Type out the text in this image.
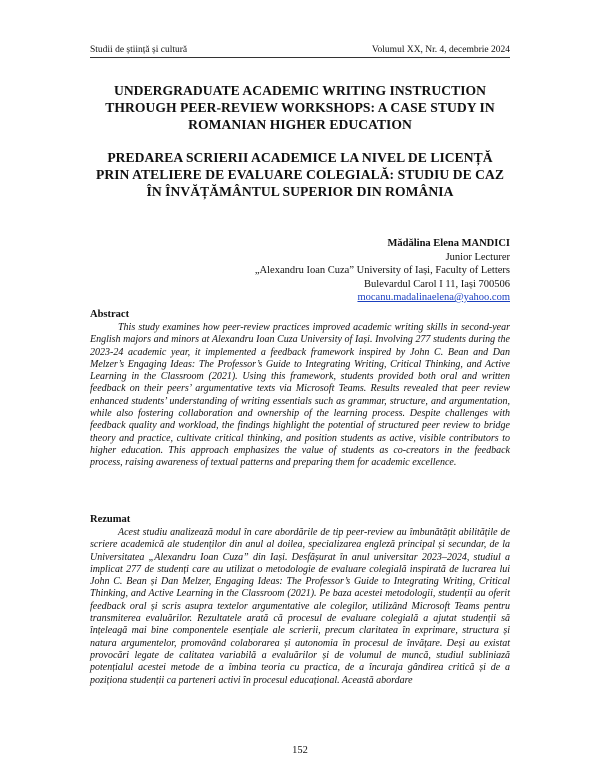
Studii de știință și cultură	Volumul XX, Nr. 4, decembrie 2024
UNDERGRADUATE ACADEMIC WRITING INSTRUCTION THROUGH PEER-REVIEW WORKSHOPS: A CASE STUDY IN ROMANIAN HIGHER EDUCATION
PREDAREA SCRIERII ACADEMICE LA NIVEL DE LICENȚĂ PRIN ATELIERE DE EVALUARE COLEGIALĂ: STUDIU DE CAZ ÎN ÎNVĂȚĂMÂNTUL SUPERIOR DIN ROMÂNIA
Mădălina Elena MANDICI
Junior Lecturer
„Alexandru Ioan Cuza” University of Iași, Faculty of Letters
Bulevardul Carol I 11, Iași 700506
mocanu.madalinaelena@yahoo.com

Abstract

This study examines how peer-review practices improved academic writing skills in second-year English majors and minors at Alexandru Ioan Cuza University of Iași. Involving 277 students during the 2023-24 academic year, it implemented a feedback framework inspired by John C. Bean and Dan Melzer’s Engaging Ideas: The Professor’s Guide to Integrating Writing, Critical Thinking, and Active Learning in the Classroom (2021). Using this framework, students provided both oral and written feedback on their peers’ argumentative texts via Microsoft Teams. Results revealed that peer review enhanced students’ understanding of writing essentials such as grammar, structure, and argumentation, while also fostering collaboration and ownership of the learning process. Despite challenges with feedback quality and workload, the findings highlight the potential of structured peer review to bridge theory and practice, cultivate critical thinking, and position students as active, visible contributors to higher education. This approach emphasizes the value of students as co-creators in the feedback process, raising awareness of textual patterns and preparing them for academic excellence.

Rezumat

Acest studiu analizează modul în care abordările de tip peer-review au îmbunătățit abilitățile de scriere academică ale studenților din anul al doilea, specializarea engleză principal și secundar, de la Universitatea „Alexandru Ioan Cuza” din Iași. Desfășurat în anul universitar 2023–2024, studiul a implicat 277 de studenți care au utilizat o metodologie de evaluare colegială inspirată de lucrarea lui John C. Bean și Dan Melzer, Engaging Ideas: The Professor’s Guide to Integrating Writing, Critical Thinking, and Active Learning in the Classroom (2021). Pe baza acestei metodologii, studenții au oferit feedback oral și scris asupra textelor argumentative ale colegilor, utilizând Microsoft Teams pentru transmiterea evaluărilor. Rezultatele arată că procesul de evaluare colegială a ajutat studenții să înțeleagă mai bine componentele esențiale ale scrierii, precum claritatea în exprimare, structura și natura argumentelor, promovând colaborarea și autonomia în procesul de învățare. Deși au existat provocări legate de calitatea variabilă a evaluărilor și de volumul de muncă, studiul subliniază potențialul acestei metode de a îmbina teoria cu practica, de a încuraja gândirea critică și de a poziționa studenții ca parteneri activi în procesul educațional. Această abordare

152
